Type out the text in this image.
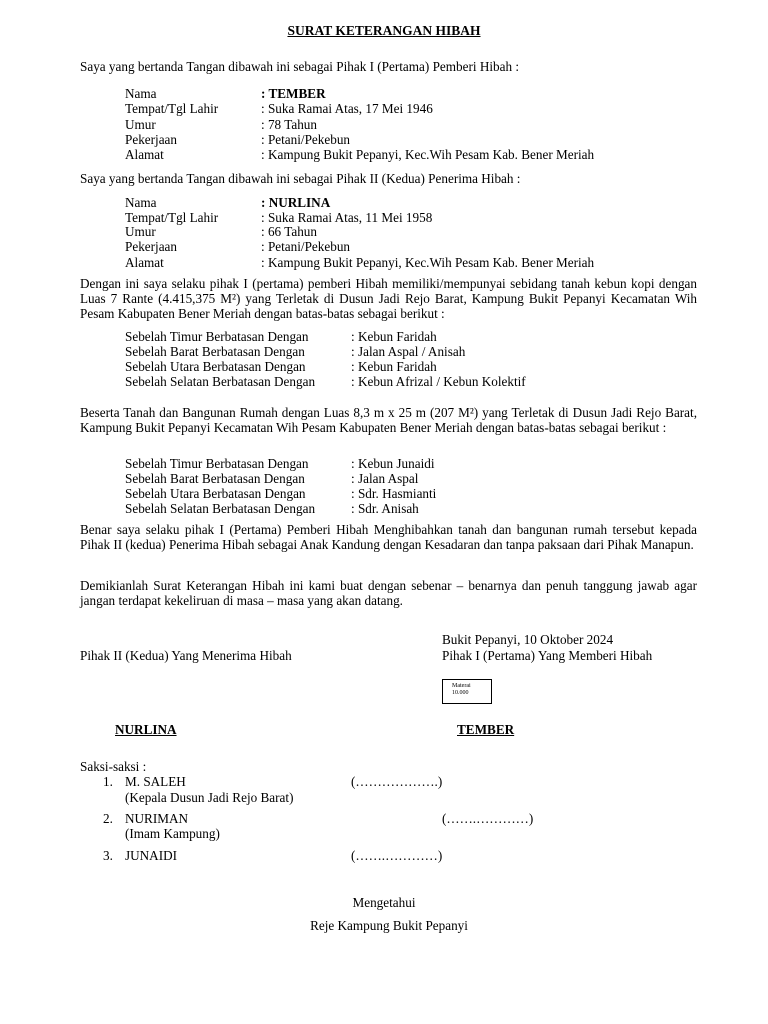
SURAT KETERANGAN HIBAH
Saya yang bertanda Tangan dibawah ini sebagai Pihak I (Pertama) Pemberi Hibah :
Nama	: TEMBER
Tempat/Tgl Lahir	: Suka Ramai Atas, 17 Mei 1946
Umur	: 78 Tahun
Pekerjaan	: Petani/Pekebun
Alamat	: Kampung Bukit Pepanyi, Kec.Wih Pesam Kab. Bener Meriah
Saya yang bertanda Tangan dibawah ini sebagai Pihak II (Kedua) Penerima Hibah :
Nama	: NURLINA
Tempat/Tgl Lahir	: Suka Ramai Atas, 11 Mei 1958
Umur	: 66 Tahun
Pekerjaan	: Petani/Pekebun
Alamat	: Kampung Bukit Pepanyi, Kec.Wih Pesam Kab. Bener Meriah
Dengan ini saya selaku pihak I (pertama) pemberi Hibah memiliki/mempunyai sebidang tanah kebun kopi dengan Luas 7 Rante (4.415,375 M²) yang Terletak di Dusun Jadi Rejo Barat, Kampung Bukit Pepanyi Kecamatan Wih Pesam Kabupaten Bener Meriah dengan batas-batas sebagai berikut :
Sebelah Timur Berbatasan Dengan	: Kebun Faridah
Sebelah Barat Berbatasan Dengan	: Jalan Aspal / Anisah
Sebelah Utara Berbatasan Dengan	: Kebun Faridah
Sebelah Selatan Berbatasan Dengan	: Kebun Afrizal / Kebun Kolektif
Beserta Tanah dan Bangunan Rumah dengan Luas 8,3 m x 25 m (207 M²) yang Terletak di Dusun Jadi Rejo Barat, Kampung Bukit Pepanyi Kecamatan Wih Pesam Kabupaten Bener Meriah dengan batas-batas sebagai berikut :
Sebelah Timur Berbatasan Dengan	: Kebun Junaidi
Sebelah Barat Berbatasan Dengan	: Jalan Aspal
Sebelah Utara Berbatasan Dengan	: Sdr. Hasmianti
Sebelah Selatan Berbatasan Dengan	: Sdr. Anisah
Benar saya selaku pihak I (Pertama) Pemberi Hibah Menghibahkan tanah dan bangunan rumah tersebut kepada Pihak II (kedua) Penerima Hibah sebagai Anak Kandung dengan Kesadaran dan tanpa paksaan dari Pihak Manapun.
Demikianlah Surat Keterangan Hibah ini kami buat dengan sebenar – benarnya dan penuh tanggung jawab agar jangan terdapat kekeliruan di masa – masa yang akan datang.
Bukit Pepanyi, 10 Oktober 2024
Pihak II (Kedua) Yang Menerima Hibah	Pihak I (Pertama) Yang Memberi Hibah
Materai
10.000
NURLINA	TEMBER
Saksi-saksi :
1. M. SALEH	(……………….)
(Kepala Dusun Jadi Rejo Barat)
2. NURIMAN	(…….…………)
(Imam Kampung)
3. JUNAIDI	(…….…………)
Mengetahui
Reje Kampung Bukit Pepanyi
